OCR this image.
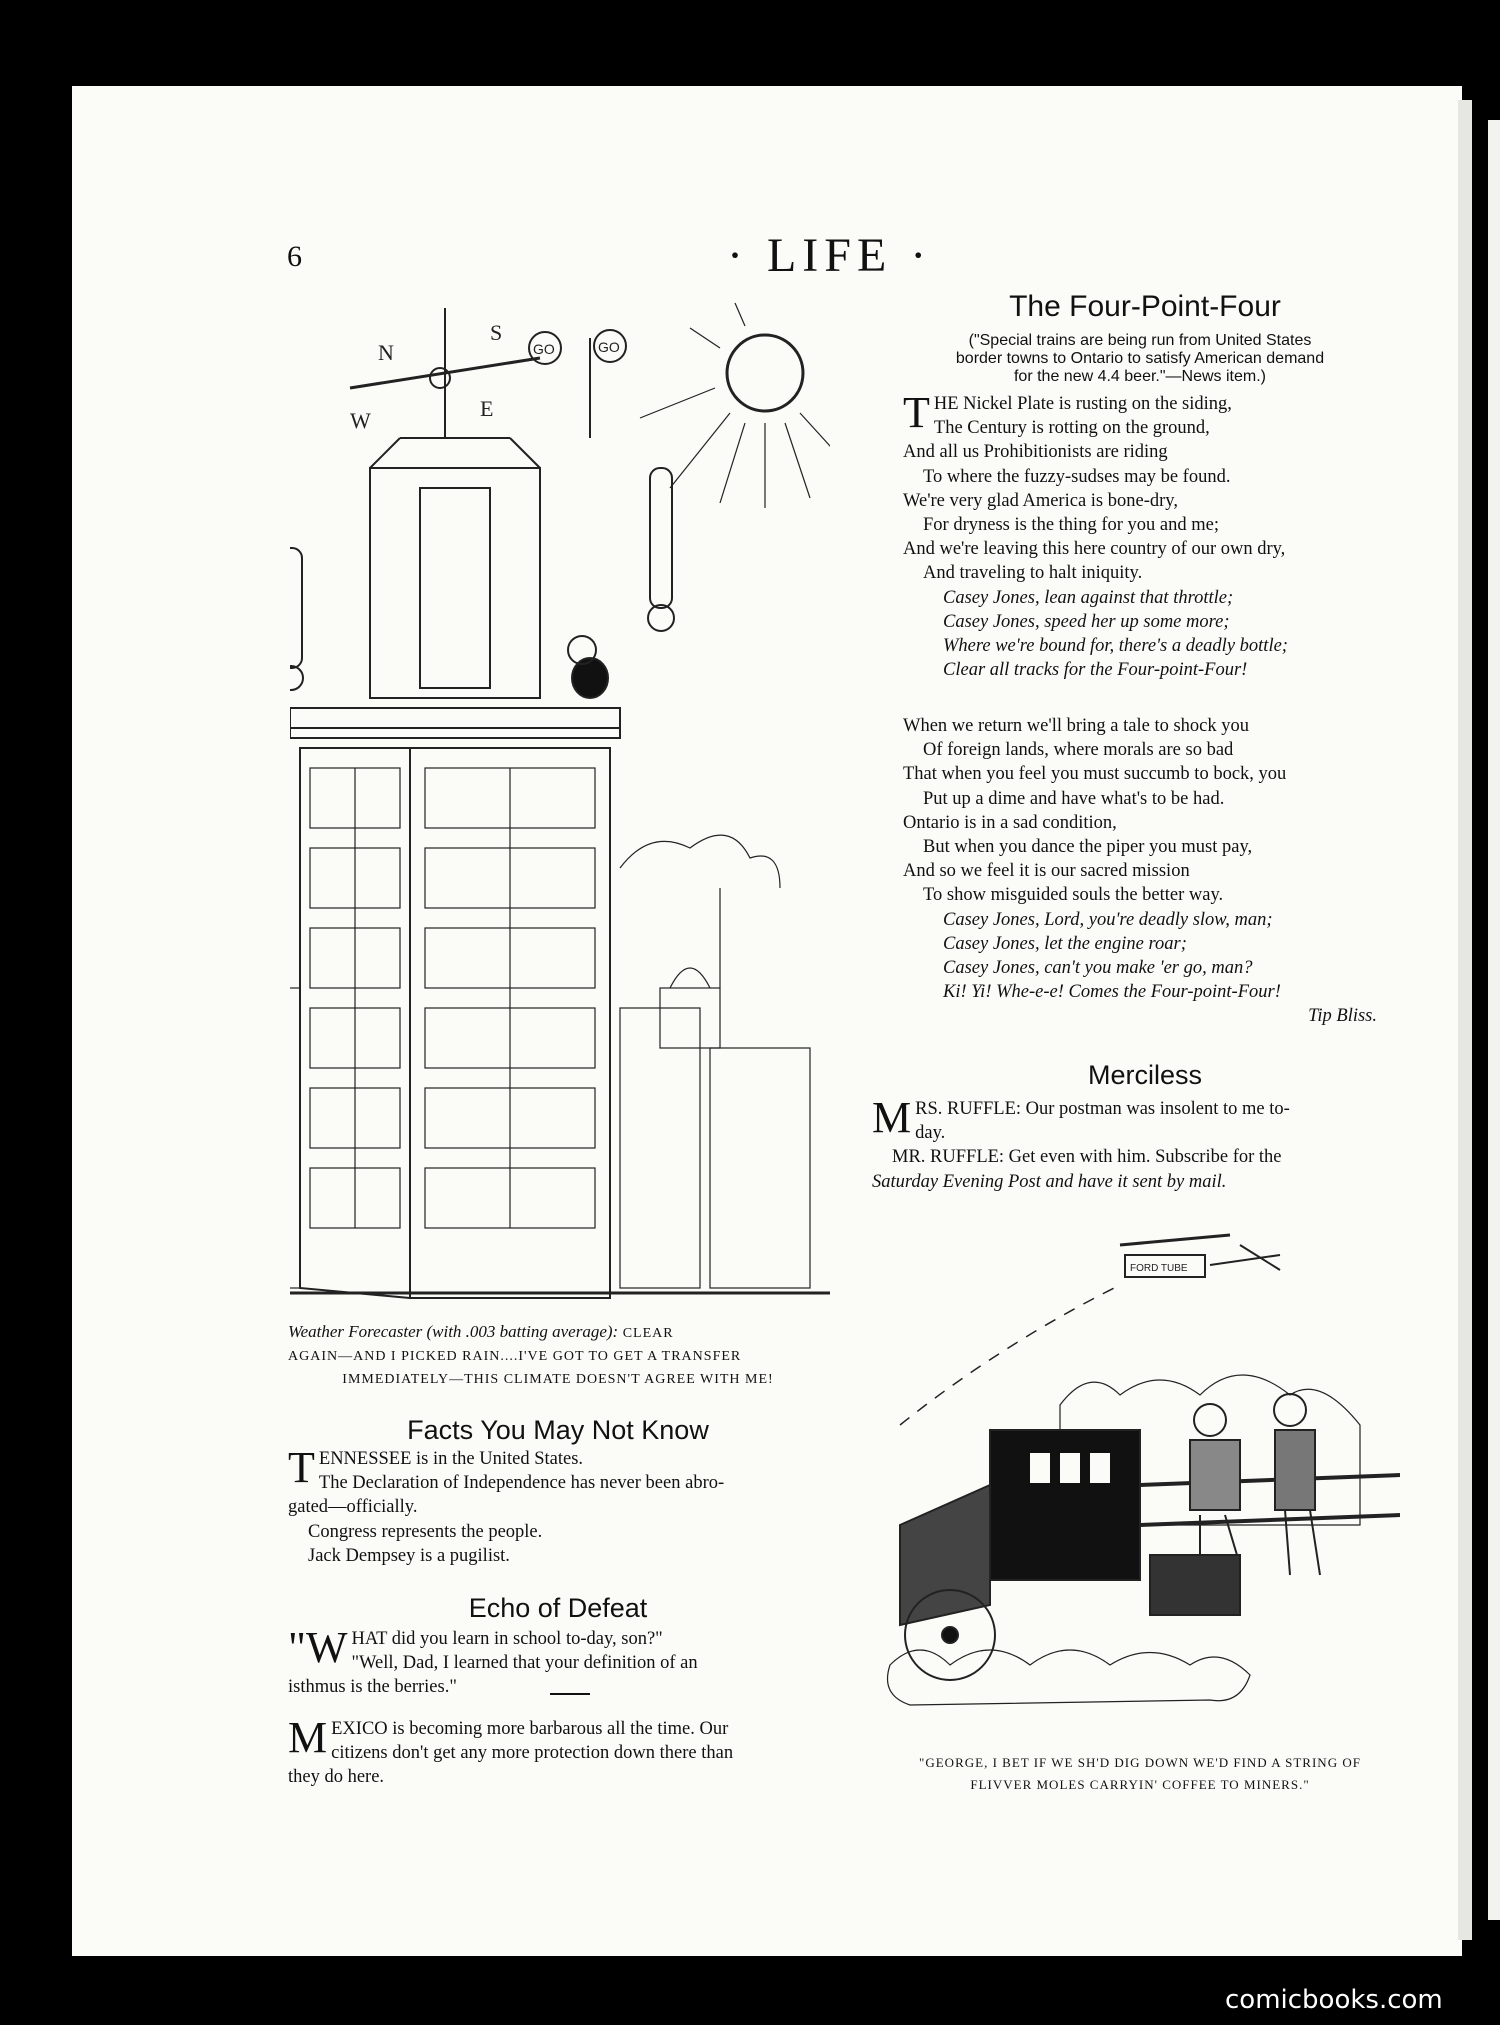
6	· LIFE ·
N
S
E
W
GO	GO
Weather Forecaster (with .003 batting average): CLEAR
AGAIN—AND I PICKED RAIN....I'VE GOT TO GET A TRANSFER

IMMEDIATELY—THIS CLIMATE DOESN'T AGREE WITH ME!
Facts You May Not Know
T ENNESSEE is in the United States.
The Declaration of Independence has never been abro-
gated—officially.
Congress represents the people.
Jack Dempsey is a pugilist.
Echo of Defeat
"W HAT did you learn in school to-day, son?"
"Well, Dad, I learned that your definition of an
isthmus is the berries."
M EXICO is becoming more barbarous all the time. Our
citizens don't get any more protection down there than
they do here.
The Four-Point-Four
("Special trains are being run from United States
border towns to Ontario to satisfy American demand
for the new 4.4 beer."—News item.)
T HE Nickel Plate is rusting on the siding,
The Century is rotting on the ground,
And all us Prohibitionists are riding
To where the fuzzy-sudses may be found.
We're very glad America is bone-dry,
For dryness is the thing for you and me;
And we're leaving this here country of our own dry,
And traveling to halt iniquity.
Casey Jones, lean against that throttle;
Casey Jones, speed her up some more;
Where we're bound for, there's a deadly bottle;
Clear all tracks for the Four-point-Four!
When we return we'll bring a tale to shock you
Of foreign lands, where morals are so bad
That when you feel you must succumb to bock, you
Put up a dime and have what's to be had.
Ontario is in a sad condition,
But when you dance the piper you must pay,
And so we feel it is our sacred mission
To show misguided souls the better way.
Casey Jones, Lord, you're deadly slow, man;
Casey Jones, let the engine roar;
Casey Jones, can't you make 'er go, man?
Ki! Yi! Whe-e-e! Comes the Four-point-Four!
Tip Bliss.
Merciless
M RS. RUFFLE: Our postman was insolent to me to-
day.
MR. RUFFLE: Get even with him. Subscribe for the
Saturday Evening Post and have it sent by mail.
FORD TUBE
"GEORGE, I BET IF WE SH'D DIG DOWN WE'D FIND A STRING OF
FLIVVER MOLES CARRYIN' COFFEE TO MINERS."
comicbooks.com
